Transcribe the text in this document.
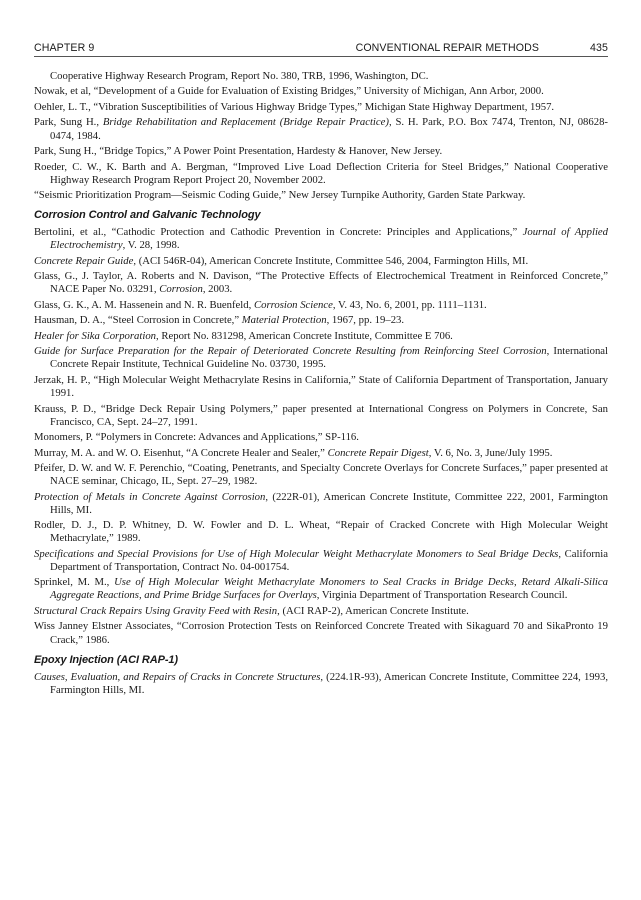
CHAPTER 9	CONVENTIONAL REPAIR METHODS	435

Cooperative Highway Research Program, Report No. 380, TRB, 1996, Washington, DC.

Nowak, et al, “Development of a Guide for Evaluation of Existing Bridges,” University of Michigan, Ann Arbor, 2000.

Oehler, L. T., “Vibration Susceptibilities of Various Highway Bridge Types,” Michigan State Highway Department, 1957.

Park, Sung H., Bridge Rehabilitation and Replacement (Bridge Repair Practice), S. H. Park, P.O. Box 7474, Trenton, NJ, 08628-0474, 1984.

Park, Sung H., “Bridge Topics,” A Power Point Presentation, Hardesty & Hanover, New Jersey.

Roeder, C. W., K. Barth and A. Bergman, “Improved Live Load Deflection Criteria for Steel Bridges,” National Cooperative Highway Research Program Report Project 20, November 2002.

“Seismic Prioritization Program—Seismic Coding Guide,” New Jersey Turnpike Authority, Garden State Parkway.

Corrosion Control and Galvanic Technology

Bertolini, et al., “Cathodic Protection and Cathodic Prevention in Concrete: Principles and Applications,” Journal of Applied Electrochemistry, V. 28, 1998.

Concrete Repair Guide, (ACI 546R-04), American Concrete Institute, Committee 546, 2004, Farmington Hills, MI.

Glass, G., J. Taylor, A. Roberts and N. Davison, “The Protective Effects of Electrochemical Treatment in Reinforced Concrete,” NACE Paper No. 03291, Corrosion, 2003.

Glass, G. K., A. M. Hassenein and N. R. Buenfeld, Corrosion Science, V. 43, No. 6, 2001, pp. 1111–1131.

Hausman, D. A., “Steel Corrosion in Concrete,” Material Protection, 1967, pp. 19–23.

Healer for Sika Corporation, Report No. 831298, American Concrete Institute, Committee E 706.

Guide for Surface Preparation for the Repair of Deteriorated Concrete Resulting from Reinforcing Steel Corrosion, International Concrete Repair Institute, Technical Guideline No. 03730, 1995.

Jerzak, H. P., “High Molecular Weight Methacrylate Resins in California,” State of California Department of Transportation, January 1991.

Krauss, P. D., “Bridge Deck Repair Using Polymers,” paper presented at International Congress on Polymers in Concrete, San Francisco, CA, Sept. 24–27, 1991.

Monomers, P. “Polymers in Concrete: Advances and Applications,” SP-116.

Murray, M. A. and W. O. Eisenhut, “A Concrete Healer and Sealer,” Concrete Repair Digest, V. 6, No. 3, June/July 1995.

Pfeifer, D. W. and W. F. Perenchio, “Coating, Penetrants, and Specialty Concrete Overlays for Concrete Surfaces,” paper presented at NACE seminar, Chicago, IL, Sept. 27–29, 1982.

Protection of Metals in Concrete Against Corrosion, (222R-01), American Concrete Institute, Committee 222, 2001, Farmington Hills, MI.

Rodler, D. J., D. P. Whitney, D. W. Fowler and D. L. Wheat, “Repair of Cracked Concrete with High Molecular Weight Methacrylate,” 1989.

Specifications and Special Provisions for Use of High Molecular Weight Methacrylate Monomers to Seal Bridge Decks, California Department of Transportation, Contract No. 04-001754.

Sprinkel, M. M., Use of High Molecular Weight Methacrylate Monomers to Seal Cracks in Bridge Decks, Retard Alkali-Silica Aggregate Reactions, and Prime Bridge Surfaces for Overlays, Virginia Department of Transportation Research Council.

Structural Crack Repairs Using Gravity Feed with Resin, (ACI RAP-2), American Concrete Institute.

Wiss Janney Elstner Associates, “Corrosion Protection Tests on Reinforced Concrete Treated with Sikaguard 70 and SikaPronto 19 Crack,” 1986.

Epoxy Injection (ACI RAP-1)

Causes, Evaluation, and Repairs of Cracks in Concrete Structures, (224.1R-93), American Concrete Institute, Committee 224, 1993, Farmington Hills, MI.
